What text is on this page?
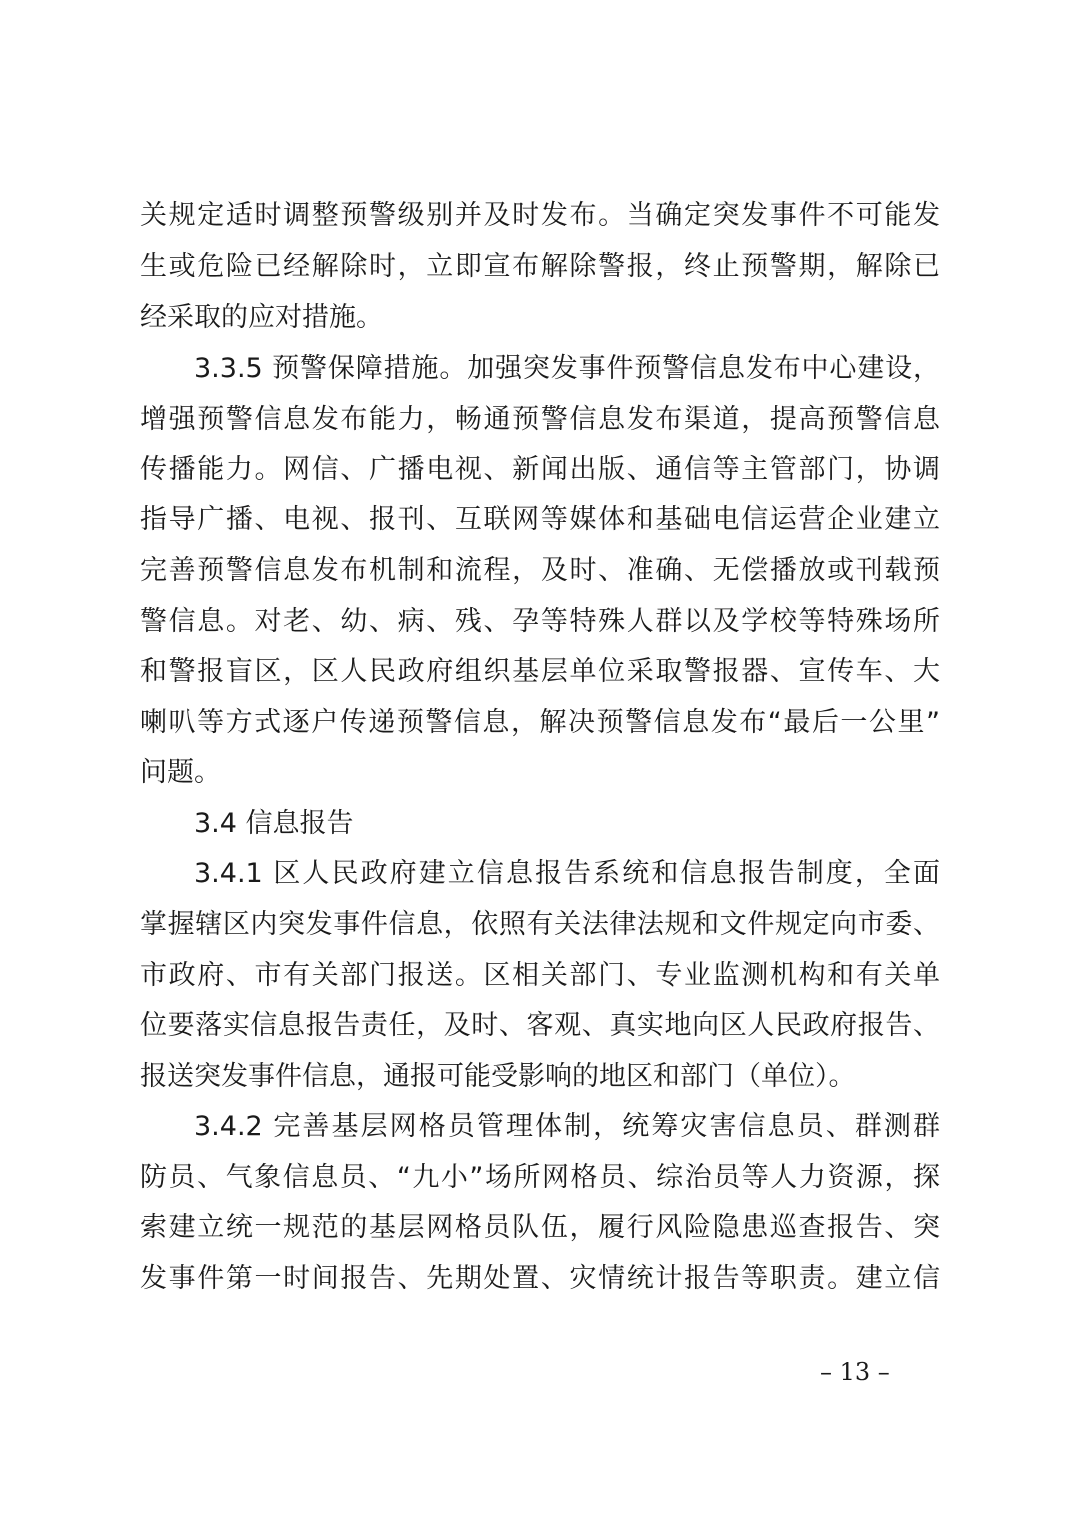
关规定适时调整预警级别并及时发布。当确定突发事件不可能发
生或危险已经解除时，立即宣布解除警报，终止预警期，解除已
经采取的应对措施。
3.3.5 预警保障措施。加强突发事件预警信息发布中心建设，
增强预警信息发布能力，畅通预警信息发布渠道，提高预警信息
传播能力。网信、广播电视、新闻出版、通信等主管部门，协调
指导广播、电视、报刊、互联网等媒体和基础电信运营企业建立
完善预警信息发布机制和流程，及时、准确、无偿播放或刊载预
警信息。对老、幼、病、残、孕等特殊人群以及学校等特殊场所
和警报盲区，区人民政府组织基层单位采取警报器、宣传车、大
喇叭等方式逐户传递预警信息，解决预警信息发布“最后一公里”
问题。
3.4 信息报告
3.4.1 区人民政府建立信息报告系统和信息报告制度，全面
掌握辖区内突发事件信息，依照有关法律法规和文件规定向市委、
市政府、市有关部门报送。区相关部门、专业监测机构和有关单
位要落实信息报告责任，及时、客观、真实地向区人民政府报告、
报送突发事件信息，通报可能受影响的地区和部门（单位）。
3.4.2 完善基层网格员管理体制，统筹灾害信息员、群测群
防员、气象信息员、“九小”场所网格员、综治员等人力资源，探
索建立统一规范的基层网格员队伍，履行风险隐患巡查报告、突
发事件第一时间报告、先期处置、灾情统计报告等职责。建立信
– 13 –
